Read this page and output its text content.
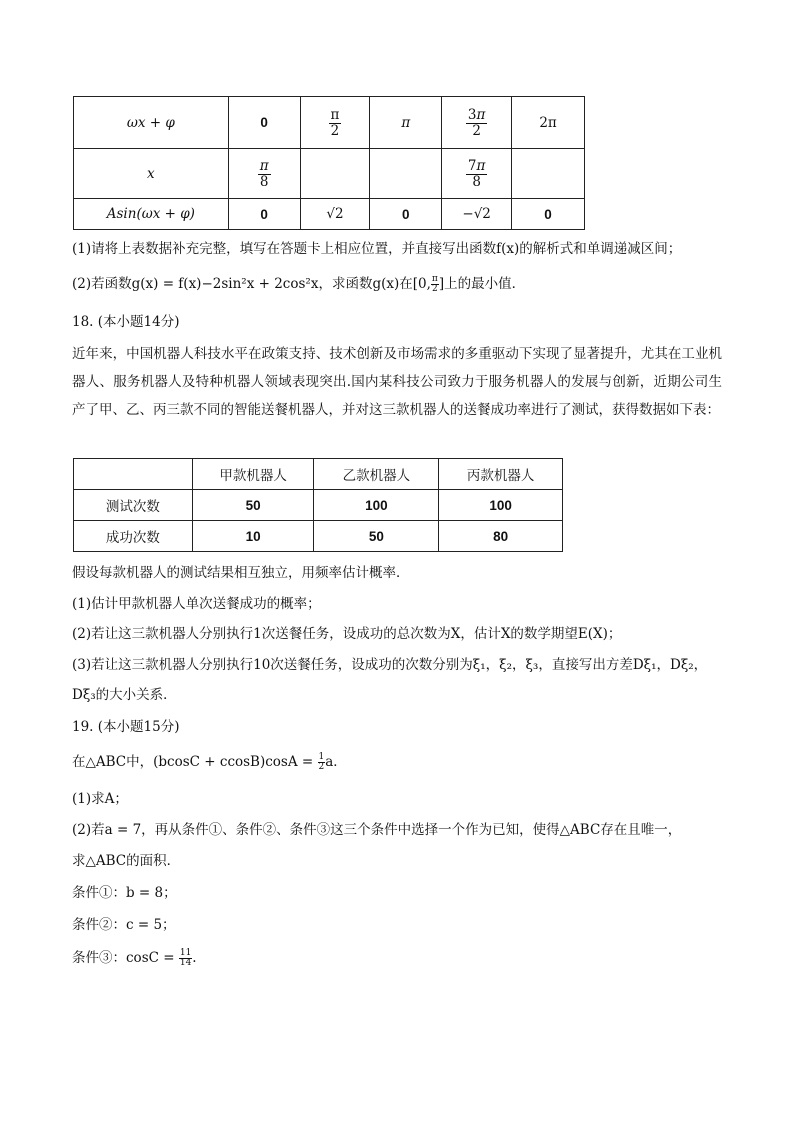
ωx + φ	0	$\frac{\pi}{2}$	π	$\frac{3\pi}{2}$	2π
x	$\frac{\pi}{8}$			$\frac{7\pi}{8}$

Asin(ωx + φ)	0	√2	0	−√2	0
(1)请将上表数据补充完整，填写在答题卡上相应位置，并直接写出函数f(x)的解析式和单调递减区间；
(2)若函数g(x) = f(x)−2sin²x + 2cos²x，求函数g(x)在[0, $\frac{\pi}{2}$ ]上的最小值．
18. (本小题14分)
近年来，中国机器人科技水平在政策支持、技术创新及市场需求的多重驱动下实现了显著提升，尤其在工业机器人、服务机器人及特种机器人领域表现突出.国内某科技公司致力于服务机器人的发展与创新，近期公司生产了甲、乙、丙三款不同的智能送餐机器人，并对这三款机器人的送餐成功率进行了测试，获得数据如下表：
	甲款机器人	乙款机器人	丙款机器人
测试次数	50	100	100
成功次数	10	50	80
假设每款机器人的测试结果相互独立，用频率估计概率．
(1)估计甲款机器人单次送餐成功的概率；
(2)若让这三款机器人分别执行1次送餐任务，设成功的总次数为X，估计X的数学期望E(X)；
(3)若让这三款机器人分别执行10次送餐任务，设成功的次数分别为ξ₁，ξ₂，ξ₃，直接写出方差Dξ₁，Dξ₂，
Dξ₃的大小关系．
19. (本小题15分)
在△ABC中，$(bcosC + ccosB)\cos A = \frac{1}{2}$ a．
(1)求A；
(2)若a = 7，再从条件①、条件②、条件③这三个条件中选择一个作为已知，使得△ABC存在且唯一，
求△ABC的面积．
条件①：b = 8；
条件②：c = 5；
条件③：$\cos C = \frac{11}{14}$ .
